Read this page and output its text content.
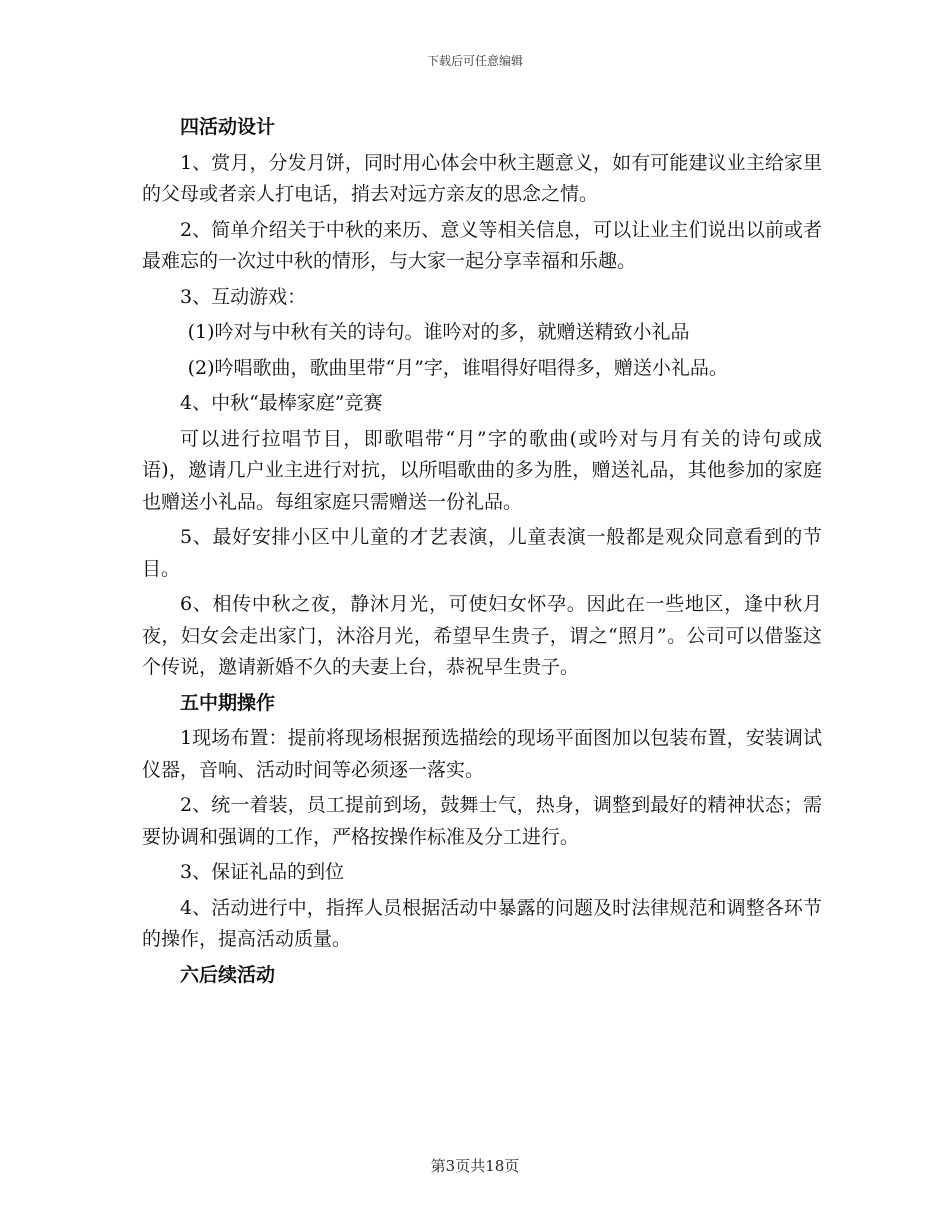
下载后可任意编辑

四活动设计

1、赏月，分发月饼，同时用心体会中秋主题意义，如有可能建议业主给家里的父母或者亲人打电话，捎去对远方亲友的思念之情。

2、简单介绍关于中秋的来历、意义等相关信息，可以让业主们说出以前或者最难忘的一次过中秋的情形，与大家一起分享幸福和乐趣。

3、互动游戏：

(1)吟对与中秋有关的诗句。谁吟对的多，就赠送精致小礼品

(2)吟唱歌曲，歌曲里带“月”字，谁唱得好唱得多，赠送小礼品。

4、中秋“最棒家庭”竞赛

可以进行拉唱节目，即歌唱带“月”字的歌曲(或吟对与月有关的诗句或成语)，邀请几户业主进行对抗，以所唱歌曲的多为胜，赠送礼品，其他参加的家庭也赠送小礼品。每组家庭只需赠送一份礼品。

5、最好安排小区中儿童的才艺表演，儿童表演一般都是观众同意看到的节目。

6、相传中秋之夜，静沐月光，可使妇女怀孕。因此在一些地区，逢中秋月夜，妇女会走出家门，沐浴月光，希望早生贵子，谓之“照月”。公司可以借鉴这个传说，邀请新婚不久的夫妻上台，恭祝早生贵子。

五中期操作

1现场布置：提前将现场根据预选描绘的现场平面图加以包装布置，安装调试仪器，音响、活动时间等必须逐一落实。

2、统一着装，员工提前到场，鼓舞士气，热身，调整到最好的精神状态；需要协调和强调的工作，严格按操作标准及分工进行。

3、保证礼品的到位

4、活动进行中，指挥人员根据活动中暴露的问题及时法律规范和调整各环节的操作，提高活动质量。

六后续活动

第3页共18页
